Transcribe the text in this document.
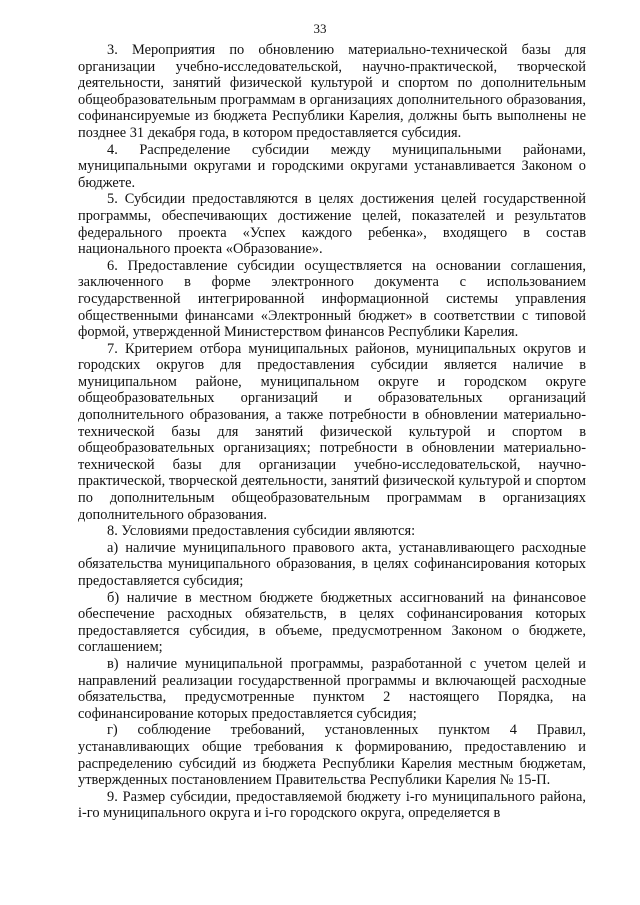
33

3. Мероприятия по обновлению материально-технической базы для организации учебно-исследовательской, научно-практической, творческой деятельности, занятий физической культурой и спортом по дополнительным общеобразовательным программам в организациях дополнительного образования, софинансируемые из бюджета Республики Карелия, должны быть выполнены не позднее 31 декабря года, в котором предоставляется субсидия.

4. Распределение субсидии между муниципальными районами, муниципальными округами и городскими округами устанавливается Законом о бюджете.

5. Субсидии предоставляются в целях достижения целей государственной программы, обеспечивающих достижение целей, показателей и результатов федерального проекта «Успех каждого ребенка», входящего в состав национального проекта «Образование».

6. Предоставление субсидии осуществляется на основании соглашения, заключенного в форме электронного документа с использованием государственной интегрированной информационной системы управления общественными финансами «Электронный бюджет» в соответствии с типовой формой, утвержденной Министерством финансов Республики Карелия.

7. Критерием отбора муниципальных районов, муниципальных округов и городских округов для предоставления субсидии является наличие в муниципальном районе, муниципальном округе и городском округе общеобразовательных организаций и образовательных организаций дополнительного образования, а также потребности в обновлении материально-технической базы для занятий физической культурой и спортом в общеобразовательных организациях; потребности в обновлении материально-технической базы для организации учебно-исследовательской, научно-практической, творческой деятельности, занятий физической культурой и спортом по дополнительным общеобразовательным программам в организациях дополнительного образования.

8. Условиями предоставления субсидии являются:

а) наличие муниципального правового акта, устанавливающего расходные обязательства муниципального образования, в целях софинансирования которых предоставляется субсидия;

б) наличие в местном бюджете бюджетных ассигнований на финансовое обеспечение расходных обязательств, в целях софинансирования которых предоставляется субсидия, в объеме, предусмотренном Законом о бюджете, соглашением;

в) наличие муниципальной программы, разработанной с учетом целей и направлений реализации государственной программы и включающей расходные обязательства, предусмотренные пунктом 2 настоящего Порядка, на софинансирование которых предоставляется субсидия;

г) соблюдение требований, установленных пунктом 4 Правил, устанавливающих общие требования к формированию, предоставлению и распределению субсидий из бюджета Республики Карелия местным бюджетам, утвержденных постановлением Правительства Республики Карелия № 15-П.

9. Размер субсидии, предоставляемой бюджету i-го муниципального района, i-го муниципального округа и i-го городского округа, определяется в
